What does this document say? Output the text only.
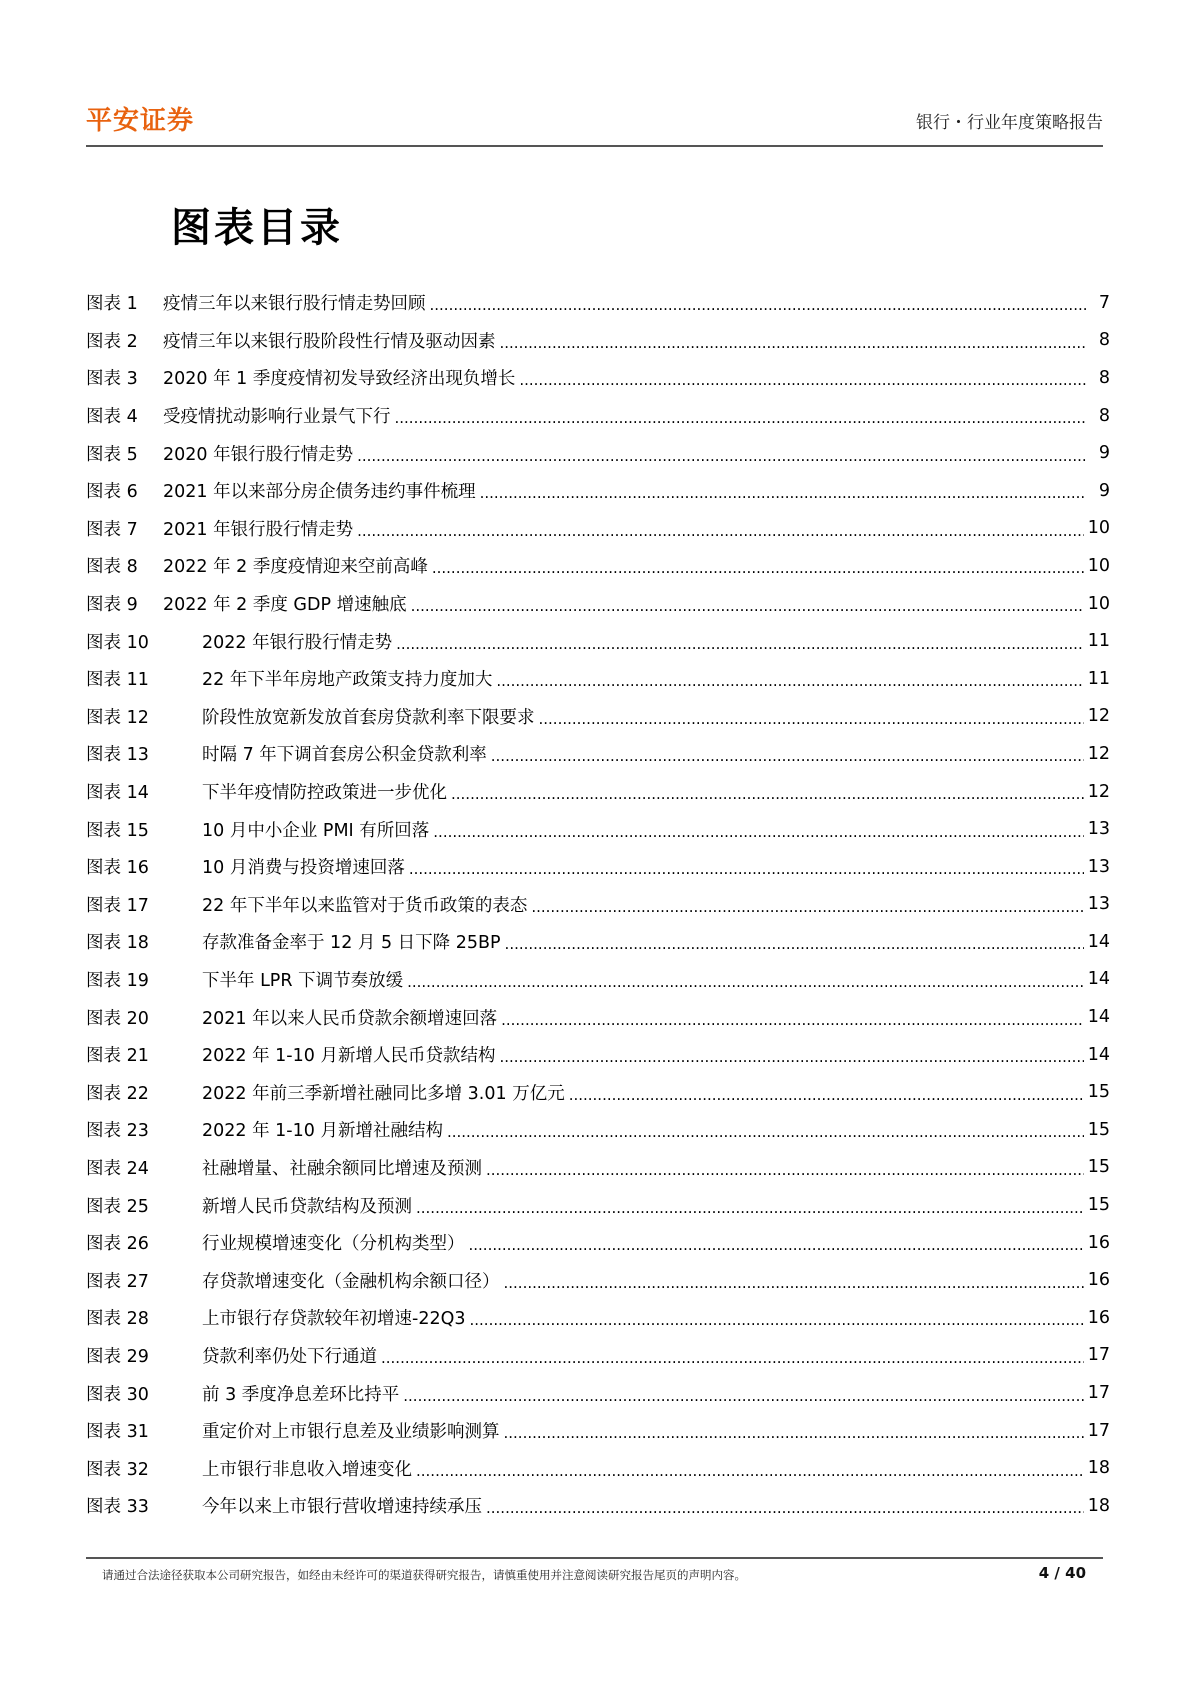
平安证券	银行・行业年度策略报告
图表目录
图表 1	疫情三年以来银行股行情走势回顾 .....	7
图表 2	疫情三年以来银行股阶段性行情及驱动因素 .....	8
图表 3	2020 年 1 季度疫情初发导致经济出现负增长 .....	8
图表 4	受疫情扰动影响行业景气下行 .....	8
图表 5	2020 年银行股行情走势 .....	9
图表 6	2021 年以来部分房企债务违约事件梳理 .....	9
图表 7	2021 年银行股行情走势 .....	10
图表 8	2022 年 2 季度疫情迎来空前高峰 .....	10
图表 9	2022 年 2 季度 GDP 增速触底 .....	10
图表 10	2022 年银行股行情走势 .....	11
图表 11	22 年下半年房地产政策支持力度加大 .....	11
图表 12	阶段性放宽新发放首套房贷款利率下限要求 .....	12
图表 13	时隔 7 年下调首套房公积金贷款利率 .....	12
图表 14	下半年疫情防控政策进一步优化 .....	12
图表 15	10 月中小企业 PMI 有所回落 .....	13
图表 16	10 月消费与投资增速回落 .....	13
图表 17	22 年下半年以来监管对于货币政策的表态 .....	13
图表 18	存款准备金率于 12 月 5 日下降 25BP .....	14
图表 19	下半年 LPR 下调节奏放缓 .....	14
图表 20	2021 年以来人民币贷款余额增速回落 .....	14
图表 21	2022 年 1-10 月新增人民币贷款结构 .....	14
图表 22	2022 年前三季新增社融同比多增 3.01 万亿元 .....	15
图表 23	2022 年 1-10 月新增社融结构 .....	15
图表 24	社融增量、社融余额同比增速及预测 .....	15
图表 25	新增人民币贷款结构及预测 .....	15
图表 26	行业规模增速变化（分机构类型） .....	16
图表 27	存贷款增速变化（金融机构余额口径） .....	16
图表 28	上市银行存贷款较年初增速-22Q3 .....	16
图表 29	贷款利率仍处下行通道 .....	17
图表 30	前 3 季度净息差环比持平 .....	17
图表 31	重定价对上市银行息差及业绩影响测算 .....	17
图表 32	上市银行非息收入增速变化 .....	18
图表 33	今年以来上市银行营收增速持续承压 .....	18
请通过合法途径获取本公司研究报告，如经由未经许可的渠道获得研究报告，请慎重使用并注意阅读研究报告尾页的声明内容。	4 / 40
